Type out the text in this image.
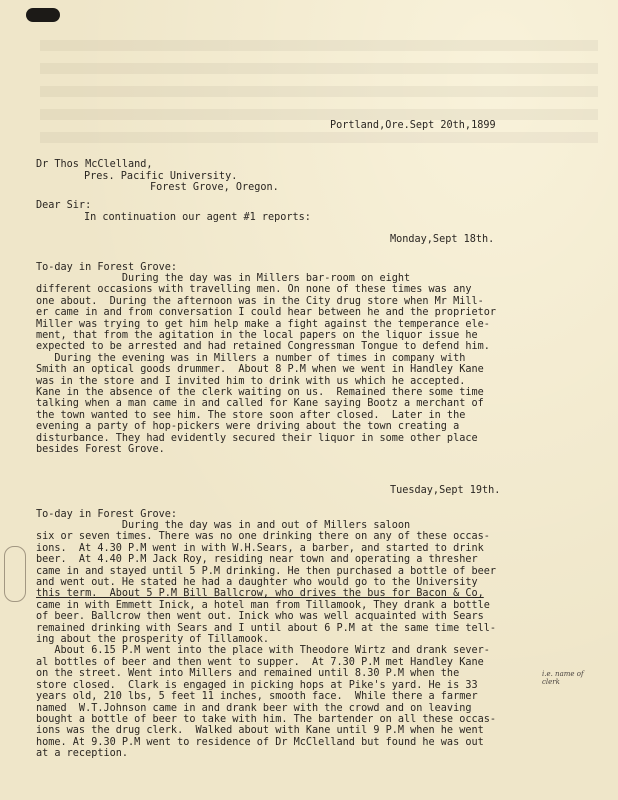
Portland,Ore.Sept 20th,1899
Dr Thos McClelland,
Pres. Pacific University.
Forest Grove, Oregon.
Dear Sir:
In continuation our agent #1 reports:
Monday,Sept 18th.
To-day in Forest Grove:
During the day was in Millers bar-room on eight
different occasions with travelling men. On none of these times was any
one about.  During the afternoon was in the City drug store when Mr Mill-
er came in and from conversation I could hear between he and the proprietor
Miller was trying to get him help make a fight against the temperance ele-
ment, that from the agitation in the local papers on the liquor issue he
expected to be arrested and had retained Congressman Tongue to defend him.
During the evening was in Millers a number of times in company with
Smith an optical goods drummer.  About 8 P.M when we went in Handley Kane
was in the store and I invited him to drink with us which he accepted.
Kane in the absence of the clerk waiting on us.  Remained there some time
talking when a man came in and called for Kane saying Bootz a merchant of
the town wanted to see him. The store soon after closed.  Later in the
evening a party of hop-pickers were driving about the town creating a
disturbance. They had evidently secured their liquor in some other place
besides Forest Grove.
Tuesday,Sept 19th.
To-day in Forest Grove:
During the day was in and out of Millers saloon
six or seven times. There was no one drinking there on any of these occas-
ions.  At 4.30 P.M went in with W.H.Sears, a barber, and started to drink
beer.  At 4.40 P.M Jack Roy, residing near town and operating a thresher
came in and stayed until 5 P.M drinking. He then purchased a bottle of beer
and went out. He stated he had a daughter who would go to the University
this term.  About 5 P.M Bill Ballcrow, who drives the bus for Bacon & Co,
came in with Emmett Inick, a hotel man from Tillamook, They drank a bottle
of beer. Ballcrow then went out. Inick who was well acquainted with Sears
remained drinking with Sears and I until about 6 P.M at the same time tell-
ing about the prosperity of Tillamook.
About 6.15 P.M went into the place with Theodore Wirtz and drank sever-
al bottles of beer and then went to supper.  At 7.30 P.M met Handley Kane
on the street. Went into Millers and remained until 8.30 P.M when the
store closed.  Clark is engaged in picking hops at Pike's yard. He is 33
years old, 210 lbs, 5 feet 11 inches, smooth face.  While there a farmer
named  W.T.Johnson came in and drank beer with the crowd and on leaving
bought a bottle of beer to take with him. The bartender on all these occas-
ions was the drug clerk.  Walked about with Kane until 9 P.M when he went
home. At 9.30 P.M went to residence of Dr McClelland but found he was out
at a reception.
i.e. name of
clerk
